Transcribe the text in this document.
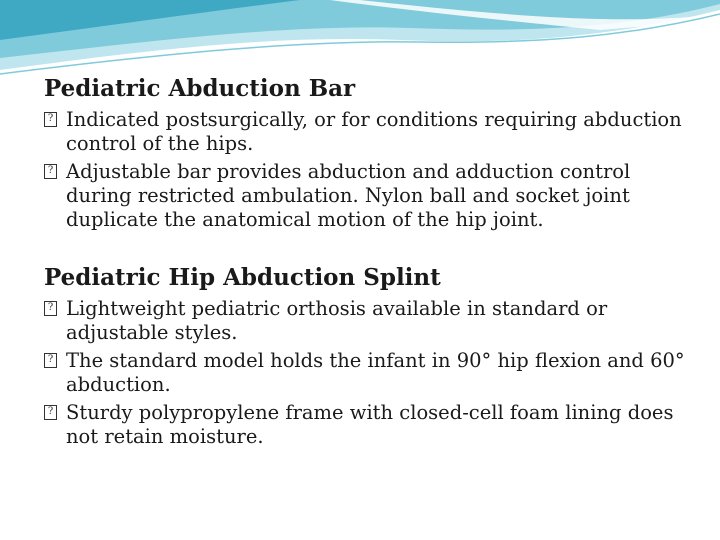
Pediatric Abduction Bar
? Indicated postsurgically, or for conditions requiring abduction control of the hips.
? Adjustable bar provides abduction and adduction control during restricted ambulation. Nylon ball and socket joint duplicate the anatomical motion of the hip joint.
Pediatric Hip Abduction Splint
? Lightweight pediatric orthosis available in standard or adjustable styles.
? The standard model holds the infant in 90° hip flexion and 60° abduction.
? Sturdy polypropylene frame with closed-cell foam lining does not retain moisture.
